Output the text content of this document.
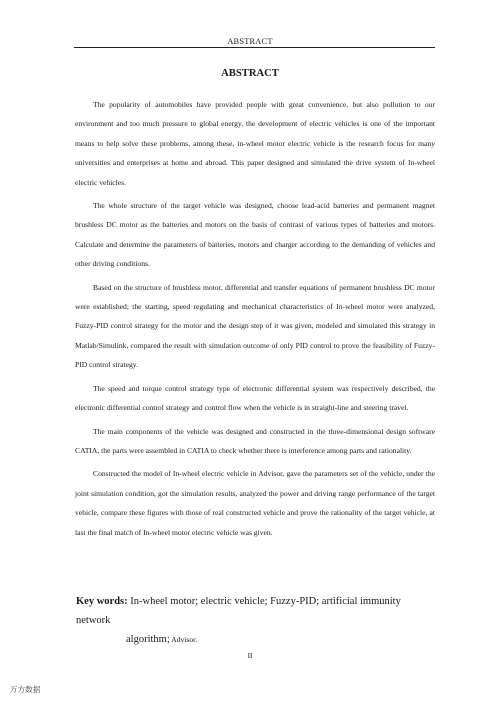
ABSTRACT
ABSTRACT

The popularity of automobiles have provided people with great convenience, but also pollution to our environment and too much pressure to global energy, the development of electric vehicles is one of the important means to help solve these problems, among these, in-wheel motor electric vehicle is the research focus for many universities and enterprises at home and abroad. This paper designed and simulated the drive system of In-wheel electric vehicles.

The whole structure of the target vehicle was designed, choose lead-acid batteries and permanent magnet brushless DC motor as the batteries and motors on the basis of contrast of various types of batteries and motors. Calculate and determine the parameters of batteries, motors and charger according to the demanding of vehicles and other driving conditions.

Based on the structure of brushless motor, differential and transfer equations of permanent brushless DC motor were established; the starting, speed regulating and mechanical characteristics of In-wheel motor were analyzed, Fuzzy-PID control strategy for the motor and the design step of it was given, modeled and simulated this strategy in Matlab/Simulink, compared the result with simulation outcome of only PID control to prove the feasibility of Fuzzy-PID control strategy.

The speed and torque control strategy type of electronic differential system was respectively described, the electronic differential control strategy and control flow when the vehicle is in straight-line and steering travel.

The main components of the vehicle was designed and constructed in the three-dimensional design software CATIA, the parts were assembled in CATIA to check whether there is interference among parts and rationality.

Constructed the model of In-wheel electric vehicle in Advisor, gave the parameters set of the vehicle, under the joint simulation condition, got the simulation results, analyzed the power and driving range performance of the target vehicle, compare these figures with those of real constructed vehicle and prove the rationality of the target vehicle, at last the final match of In-wheel motor electric vehicle was given.

Key words: In-wheel motor; electric vehicle; Fuzzy-PID; artificial immunity network
algorithm; Advisor.
II
万方数据
